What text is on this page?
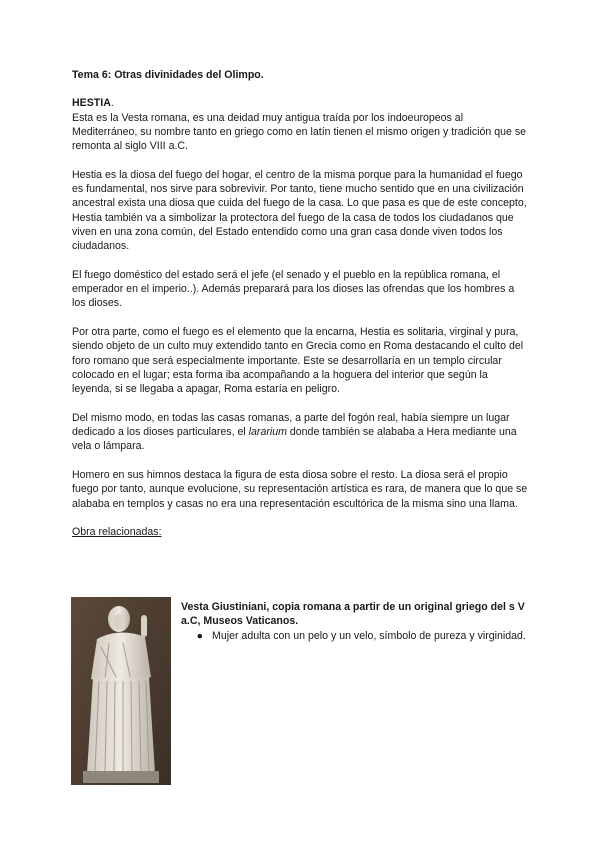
Tema 6: Otras divinidades del Olimpo.

HESTIA.

Esta es la Vesta romana, es una deidad muy antigua traída por los indoeuropeos al Mediterráneo, su nombre tanto en griego como en latín tienen el mismo origen y tradición que se remonta al siglo VIII a.C.

Hestia es la diosa del fuego del hogar, el centro de la misma porque para la humanidad el fuego es fundamental, nos sirve para sobrevivir. Por tanto, tiene mucho sentido que en una civilización ancestral exista una diosa que cuida del fuego de la casa. Lo que pasa es que de este concepto, Hestia también va a simbolizar la protectora del fuego de la casa de todos los ciudadanos que viven en una zona común, del Estado entendido como una gran casa donde viven todos los ciudadanos.

El fuego doméstico del estado será el jefe (el senado y el pueblo en la república romana, el emperador en el imperio..). Además preparará para los dioses las ofrendas que los hombres a los dioses.

Por otra parte, como el fuego es el elemento que la encarna, Hestia es solitaria, virginal y pura, siendo objeto de un culto muy extendido tanto en Grecia como en Roma destacando el culto del foro romano que será especialmente importante. Este se desarrollaría en un templo circular colocado en el lugar; esta forma iba acompañando a la hoguera del interior que según la leyenda, si se llegaba a apagar, Roma estaría en peligro.

Del mismo modo, en todas las casas romanas, a parte del fogón real, había siempre un lugar dedicado a los dioses particulares, el lararium donde también se alababa a Hera mediante una vela o lámpara.

Homero en sus himnos destaca la figura de esta diosa sobre el resto. La diosa será el propio fuego por tanto, aunque evolucione, su representación artística es rara, de manera que lo que se alababa en templos y casas no era una representación escultórica de la misma sino una llama.

Obra relacionadas:

Vesta Giustiniani, copia romana a partir de un original griego del s V a.C, Museos Vaticanos.

● Mujer adulta con un pelo y un velo, símbolo de pureza y virginidad.
